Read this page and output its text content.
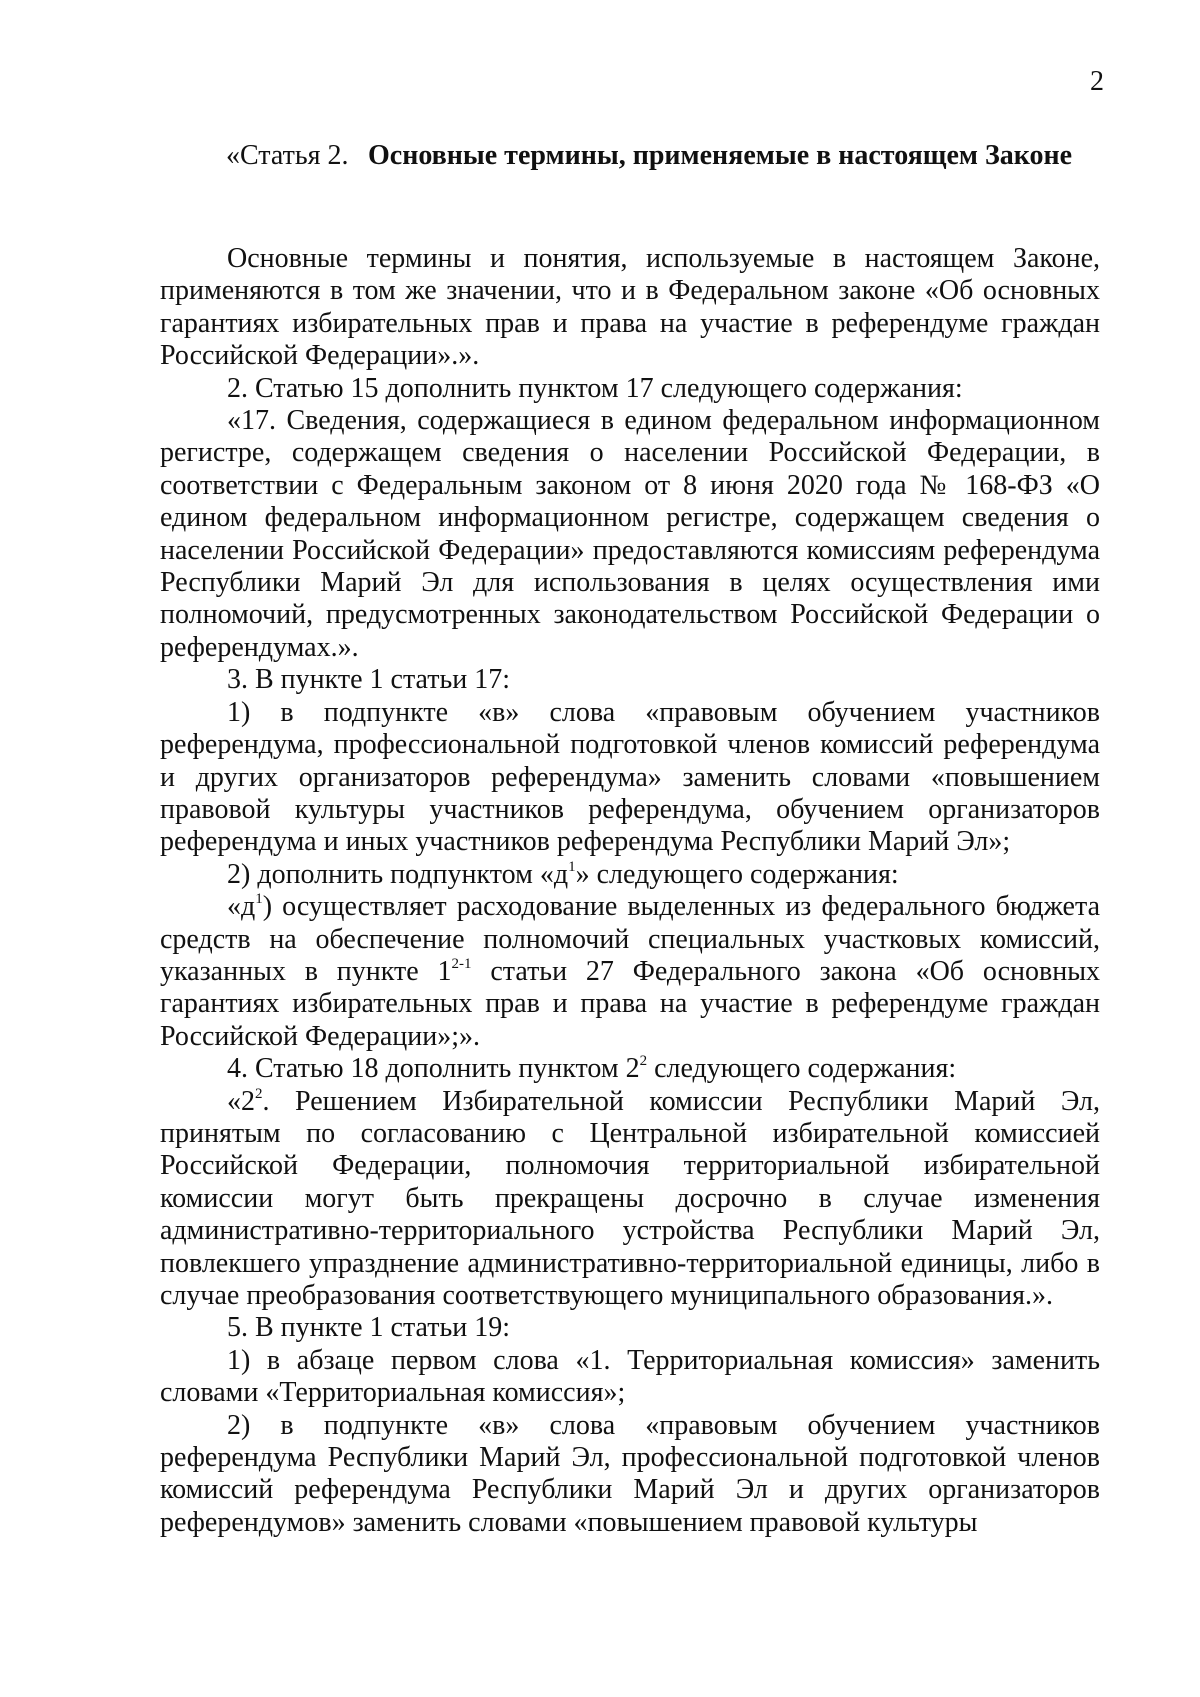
2
«Статья 2. Основные термины, применяемые в настоящем Законе

Основные термины и понятия, используемые в настоящем Законе, применяются в том же значении, что и в Федеральном законе «Об основных гарантиях избирательных прав и права на участие в референдуме граждан Российской Федерации».».

2. Статью 15 дополнить пунктом 17 следующего содержания:

«17. Сведения, содержащиеся в едином федеральном информационном регистре, содержащем сведения о населении Российской Федерации, в соответствии с Федеральным законом от 8 июня 2020 года № 168-ФЗ «О едином федеральном информационном регистре, содержащем сведения о населении Российской Федерации» предоставляются комиссиям референдума Республики Марий Эл для использования в целях осуществления ими полномочий, предусмотренных законодательством Российской Федерации о референдумах.».

3. В пункте 1 статьи 17:

1) в подпункте «в» слова «правовым обучением участников референдума, профессиональной подготовкой членов комиссий референдума и других организаторов референдума» заменить словами «повышением правовой культуры участников референдума, обучением организаторов референдума и иных участников референдума Республики Марий Эл»;

2) дополнить подпунктом «$д^1$» следующего содержания:

«$д^1$) осуществляет расходование выделенных из федерального бюджета средств на обеспечение полномочий специальных участковых комиссий, указанных в пункте 1$^{2-1}$ статьи 27 Федерального закона «Об основных гарантиях избирательных прав и права на участие в референдуме граждан Российской Федерации»;».

4. Статью 18 дополнить пунктом $2^2$ следующего содержания:

«$2^2$. Решением Избирательной комиссии Республики Марий Эл, принятым по согласованию с Центральной избирательной комиссией Российской Федерации, полномочия территориальной избирательной комиссии могут быть прекращены досрочно в случае изменения административно-территориального устройства Республики Марий Эл, повлекшего упразднение административно-территориальной единицы, либо в случае преобразования соответствующего муниципального образования.».

5. В пункте 1 статьи 19:

1) в абзаце первом слова «1. Территориальная комиссия» заменить словами «Территориальная комиссия»;

2) в подпункте «в» слова «правовым обучением участников референдума Республики Марий Эл, профессиональной подготовкой членов комиссий референдума Республики Марий Эл и других организаторов референдумов» заменить словами «повышением правовой культуры
